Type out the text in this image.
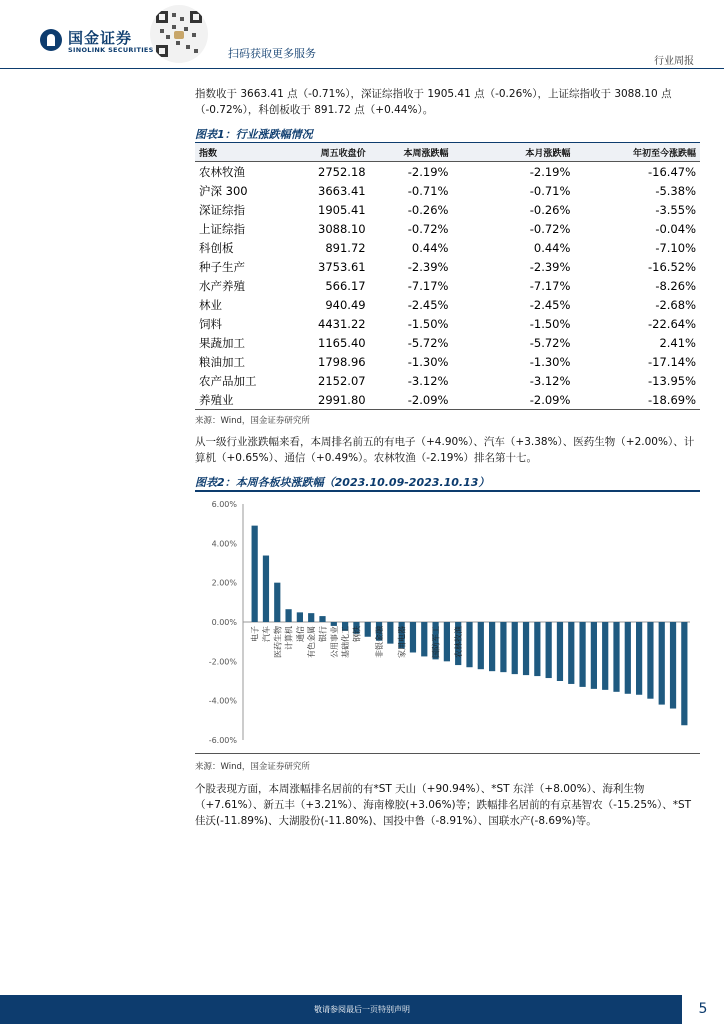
国金证券
SINOLINK SECURITIES	扫码获取更多服务
行业周报
指数收于 3663.41 点（-0.71%），深证综指收于 1905.41 点（-0.26%），上证综指收于 3088.10 点（-0.72%），科创板收于 891.72 点（+0.44%）。
图表1：行业涨跌幅情况
指数	周五收盘价	本周涨跌幅	本月涨跌幅	年初至今涨跌幅
农林牧渔	2752.18	-2.19%	-2.19%	-16.47%
沪深 300	3663.41	-0.71%	-0.71%	-5.38%
深证综指	1905.41	-0.26%	-0.26%	-3.55%
上证综指	3088.10	-0.72%	-0.72%	-0.04%
科创板	891.72	0.44%	0.44%	-7.10%
种子生产	3753.61	-2.39%	-2.39%	-16.52%
水产养殖	566.17	-7.17%	-7.17%	-8.26%
林业	940.49	-2.45%	-2.45%	-2.68%
饲料	4431.22	-1.50%	-1.50%	-22.64%
果蔬加工	1165.40	-5.72%	-5.72%	2.41%
粮油加工	1798.96	-1.30%	-1.30%	-17.14%
农产品加工	2152.07	-3.12%	-3.12%	-13.95%
养殖业	2991.80	-2.09%	-2.09%	-18.69%
来源：Wind，国金证券研究所
从一级行业涨跌幅来看，本周排名前五的有电子（+4.90%）、汽车（+3.38%）、医药生物（+2.00%）、计算机（+0.65%）、通信（+0.49%）。农林牧渔（-2.19%）排名第十七。
图表2：本周各板块涨跌幅（2023.10.09-2023.10.13）
6.00%
4.00%
2.00%
0.00%
-2.00%
-4.00%
-6.00%
电子 汽车 医药生物 计算机 通信 有色金属 银行 公用事业 基础化工 钢铁 非银金融 家用电器	国防军工 农林牧渔
来源：Wind，国金证券研究所
个股表现方面，本周涨幅排名居前的有*ST 天山（+90.94%）、*ST 东洋（+8.00%）、海利生物（+7.61%）、新五丰（+3.21%）、海南橡胶(+3.06%)等；跌幅排名居前的有京基智农（-15.25%）、*ST 佳沃(-11.89%)、大湖股份(-11.80%)、国投中鲁（-8.91%）、国联水产(-8.69%)等。
敬请参阅最后一页特别声明	5
